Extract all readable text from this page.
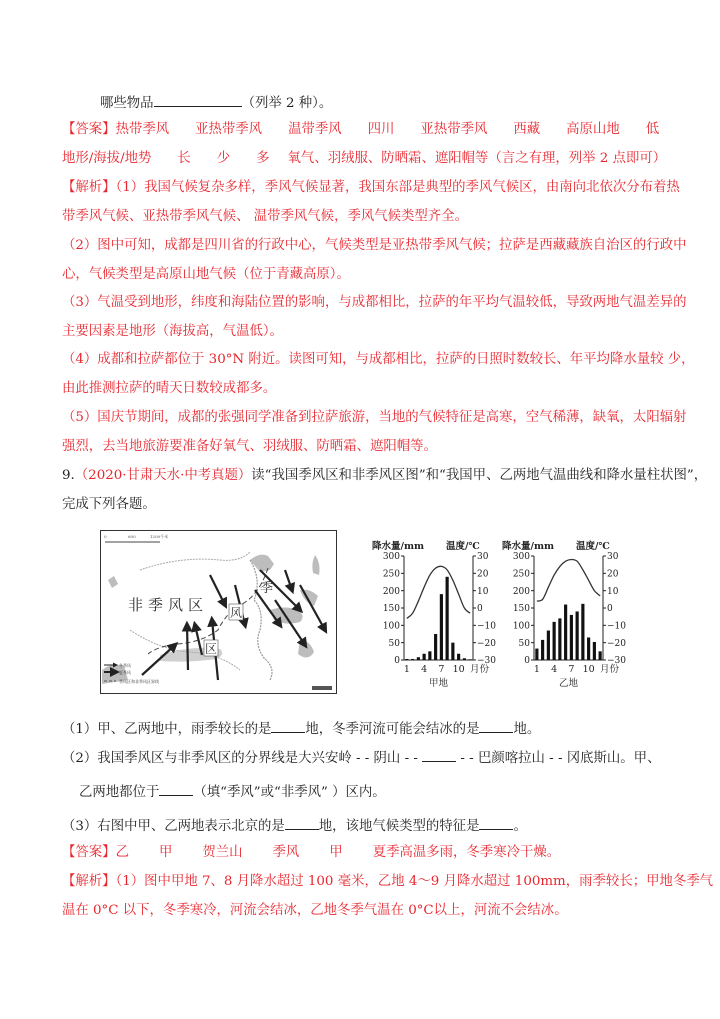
哪些物品	（列举 2 种）。
【答案】热带季风 亚热带季风 温带季风 四川 亚热带季风 西藏 高原山地 低
地形/海拔/地势 长 少 多 氧气、羽绒服、防晒霜、遮阳帽等（言之有理，列举 2 点即可）
【解析】（1）我国气候复杂多样，季风气候显著，我国东部是典型的季风气候区，由南向北依次分布着热
带季风气候、亚热带季风气候、 温带季风气候，季风气候类型齐全。
（2）图中可知，成都是四川省的行政中心，气候类型是亚热带季风气候；拉萨是西藏藏族自治区的行政中
心，气候类型是高原山地气候（位于青藏高原）。
（3）气温受到地形，纬度和海陆位置的影响，与成都相比，拉萨的年平均气温较低，导致两地气温差异的
主要因素是地形（海拔高，气温低）。
（4）成都和拉萨都位于 30°N 附近。读图可知，与成都相比，拉萨的日照时数较长、年平均降水量较 少，
由此推测拉萨的晴天日数较成都多。
（5）国庆节期间，成都的张强同学准备到拉萨旅游，当地的气候特征是高寒，空气稀薄，缺氧，太阳辐射
强烈，去当地旅游要准备好氧气、羽绒服、防晒霜、遮阳帽等。
9.（2020·甘肃天水·中考真题）读“我国季风区和非季风区图”和“我国甲、乙两地气温曲线和降水量柱状图”，
完成下列各题。
0	600	1200千米
非季风区
季
风
区
冬季风
夏季风
季风区和非季风区界线
降水量/mm 温度/℃
0
50
100
150
200
250
300
−30
−20
−10
0
10
20
30
1 4 7 10 月份
甲地
降水量/mm 温度/℃
0
50
100
150
200
250
300
−30
−20
−10
0
10
20
30
1 4 7 10 月份
乙地
（1）甲、乙两地中，雨季较长的是	地，冬季河流可能会结冰的是	地。
（2）我国季风区与非季风区的分界线是大兴安岭 - - 阴山 - -	- - 巴颜喀拉山 - - 冈底斯山。甲、
乙两地都位于	（填“季风”或“非季风” ）区内。
（3）右图中甲、乙两地表示北京的是	地，该地气候类型的特征是	。
【答案】乙 甲 贺兰山 季风 甲 夏季高温多雨，冬季寒冷干燥。
【解析】（1）图中甲地 7、8 月降水超过 100 毫米，乙地 4～9 月降水超过 100mm，雨季较长；甲地冬季气
温在 0°C 以下，冬季寒冷，河流会结冰，乙地冬季气温在 0°C以上，河流不会结冰。
